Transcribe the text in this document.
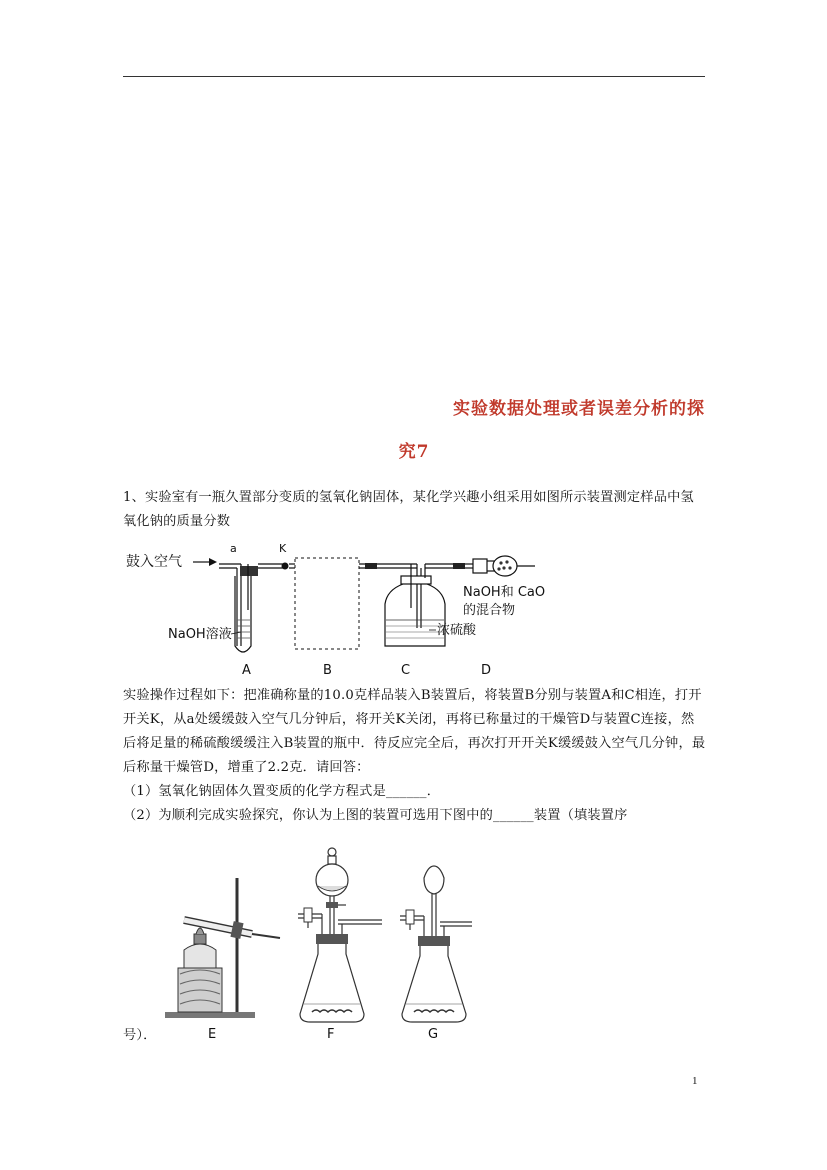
实验数据处理或者误差分析的探
究7
1、实验室有一瓶久置部分变质的氢氧化钠固体，某化学兴趣小组采用如图所示装置测定样品中氢氧化钠的质量分数
鼓入空气
a	K
NaOH溶液	浓硫酸
NaOH和 CaO
的混合物
A	B	C	D
实验操作过程如下：把准确称量的10.0克样品装入B装置后，将装置B分别与装置A和C相连，打开开关K，从a处缓缓鼓入空气几分钟后，将开关K关闭，再将已称量过的干燥管D与装置C连接，然后将足量的稀硫酸缓缓注入B装置的瓶中．待反应完全后，再次打开开关K缓缓鼓入空气几分钟，最后称量干燥管D，增重了2.2克．请回答：
（1）氢氧化钠固体久置变质的化学方程式是______．
（2）为顺利完成实验探究，你认为上图的装置可选用下图中的______装置（填装置序
E	F	G
号）．
1
